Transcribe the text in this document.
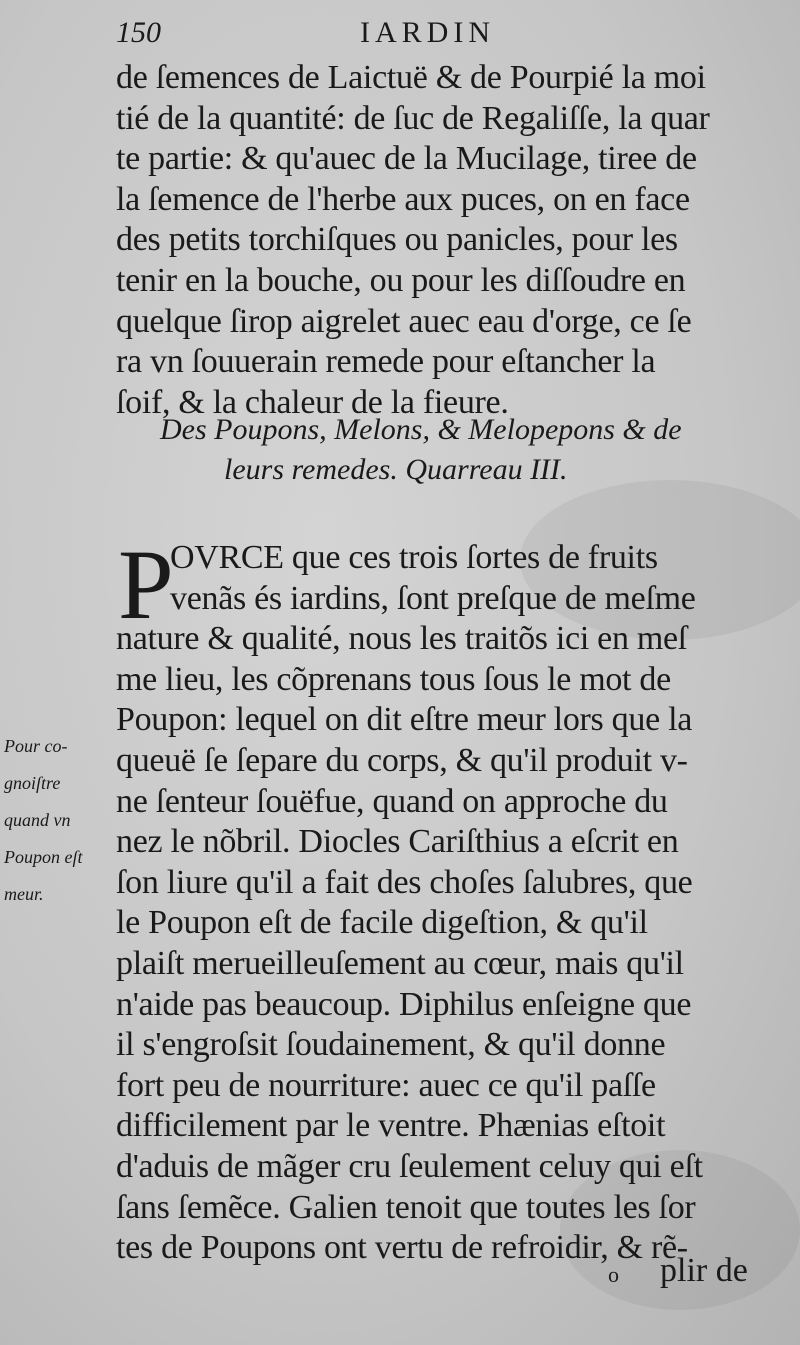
150	IARDIN
de ſemences de Laictuë & de Pourpié la moi
tié de la quantité: de ſuc de Regaliſſe, la quar
te partie: & qu'auec de la Mucilage, tiree de
la ſemence de l'herbe aux puces, on en face
des petits torchiſques ou panicles, pour les
tenir en la bouche, ou pour les diſſoudre en
quelque ſirop aigrelet auec eau d'orge, ce ſe
ra vn ſouuerain remede pour eſtancher la
ſoif, & la chaleur de la fieure.
Des Poupons, Melons, & Melopepons & de
leurs remedes. Quarreau III.
P
OVRCE que ces trois ſortes de fruits
venãs és iardins, ſont preſque de meſme
nature & qualité, nous les traitõs ici en meſ
me lieu, les cõprenans tous ſous le mot de
Poupon: lequel on dit eſtre meur lors que la
queuë ſe ſepare du corps, & qu'il produit v-
ne ſenteur ſouëfue, quand on approche du
nez le nõbril. Diocles Cariſthius a eſcrit en
ſon liure qu'il a fait des choſes ſalubres, que
le Poupon eſt de facile digeſtion, & qu'il
plaiſt merueilleuſement au cœur, mais qu'il
n'aide pas beaucoup. Diphilus enſeigne que
il s'engroſsit ſoudainement, & qu'il donne
fort peu de nourriture: auec ce qu'il paſſe
difficilement par le ventre. Phænias eſtoit
d'aduis de mãger cru ſeulement celuy qui eſt
ſans ſemẽce. Galien tenoit que toutes les ſor
tes de Poupons ont vertu de refroidir, & rẽ-
Pour co-
gnoiſtre
quand vn
Poupon eſt
meur.
o plir de
